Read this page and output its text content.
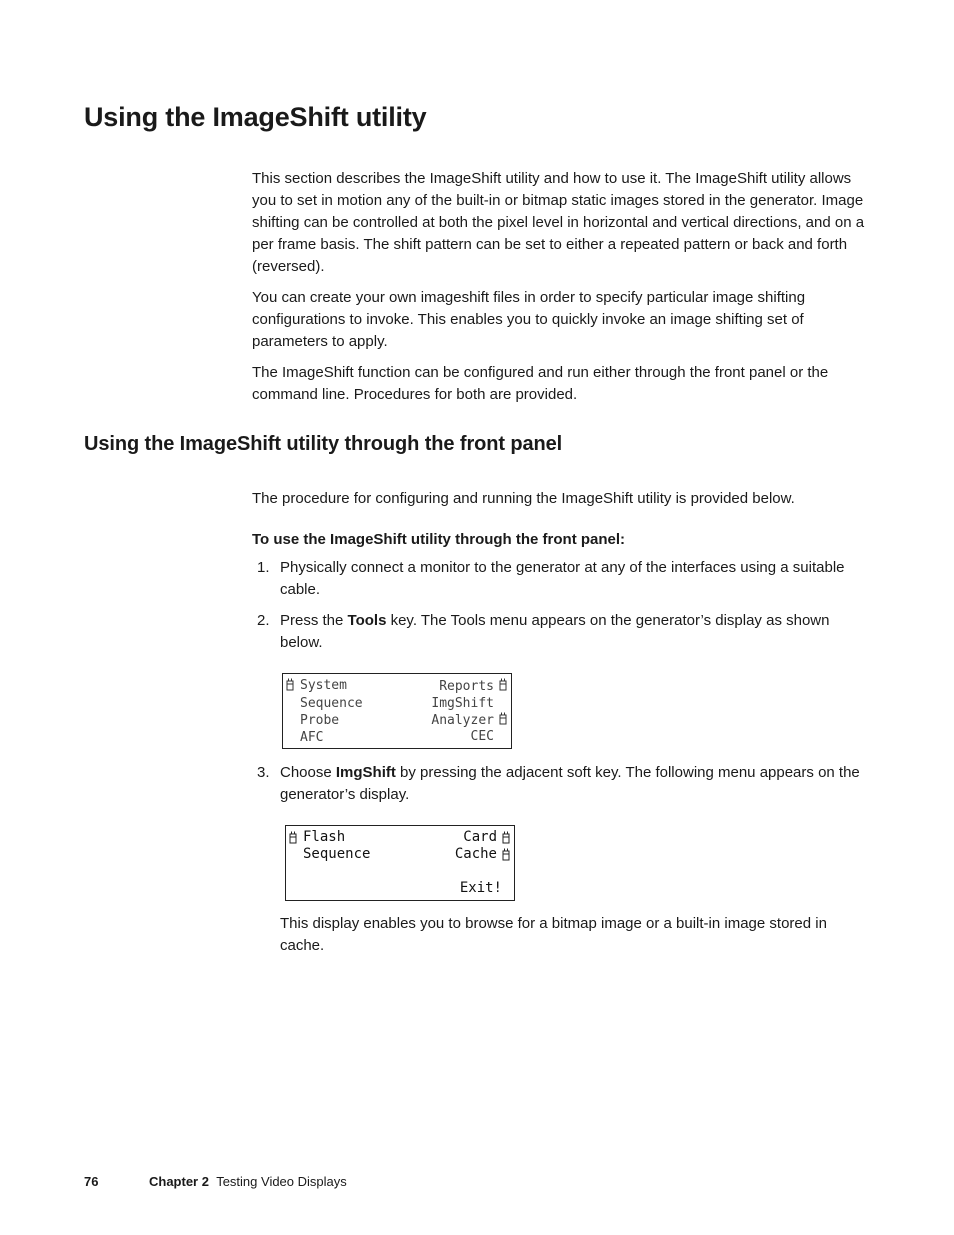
Using the ImageShift utility

This section describes the ImageShift utility and how to use it. The ImageShift utility allows you to set in motion any of the built-in or bitmap static images stored in the generator. Image shifting can be controlled at both the pixel level in horizontal and vertical directions, and on a per frame basis. The shift pattern can be set to either a repeated pattern or back and forth (reversed).

You can create your own imageshift files in order to specify particular image shifting configurations to invoke. This enables you to quickly invoke an image shifting set of parameters to apply.

The ImageShift function can be configured and run either through the front panel or the command line. Procedures for both are provided.

Using the ImageShift utility through the front panel

The procedure for configuring and running the ImageShift utility is provided below.

To use the ImageShift utility through the front panel:

1. Physically connect a monitor to the generator at any of the interfaces using a suitable cable.
2. Press the Tools key. The Tools menu appears on the generator’s display as shown below.
System
Sequence
Probe
AFC
Reports
ImgShift
Analyzer
CEC
3. Choose ImgShift by pressing the adjacent soft key. The following menu appears on the generator’s display.
Flash
Sequence
Card
Cache
Exit!

This display enables you to browse for a bitmap image or a built-in image stored in cache.

76	Chapter 2 Testing Video Displays
